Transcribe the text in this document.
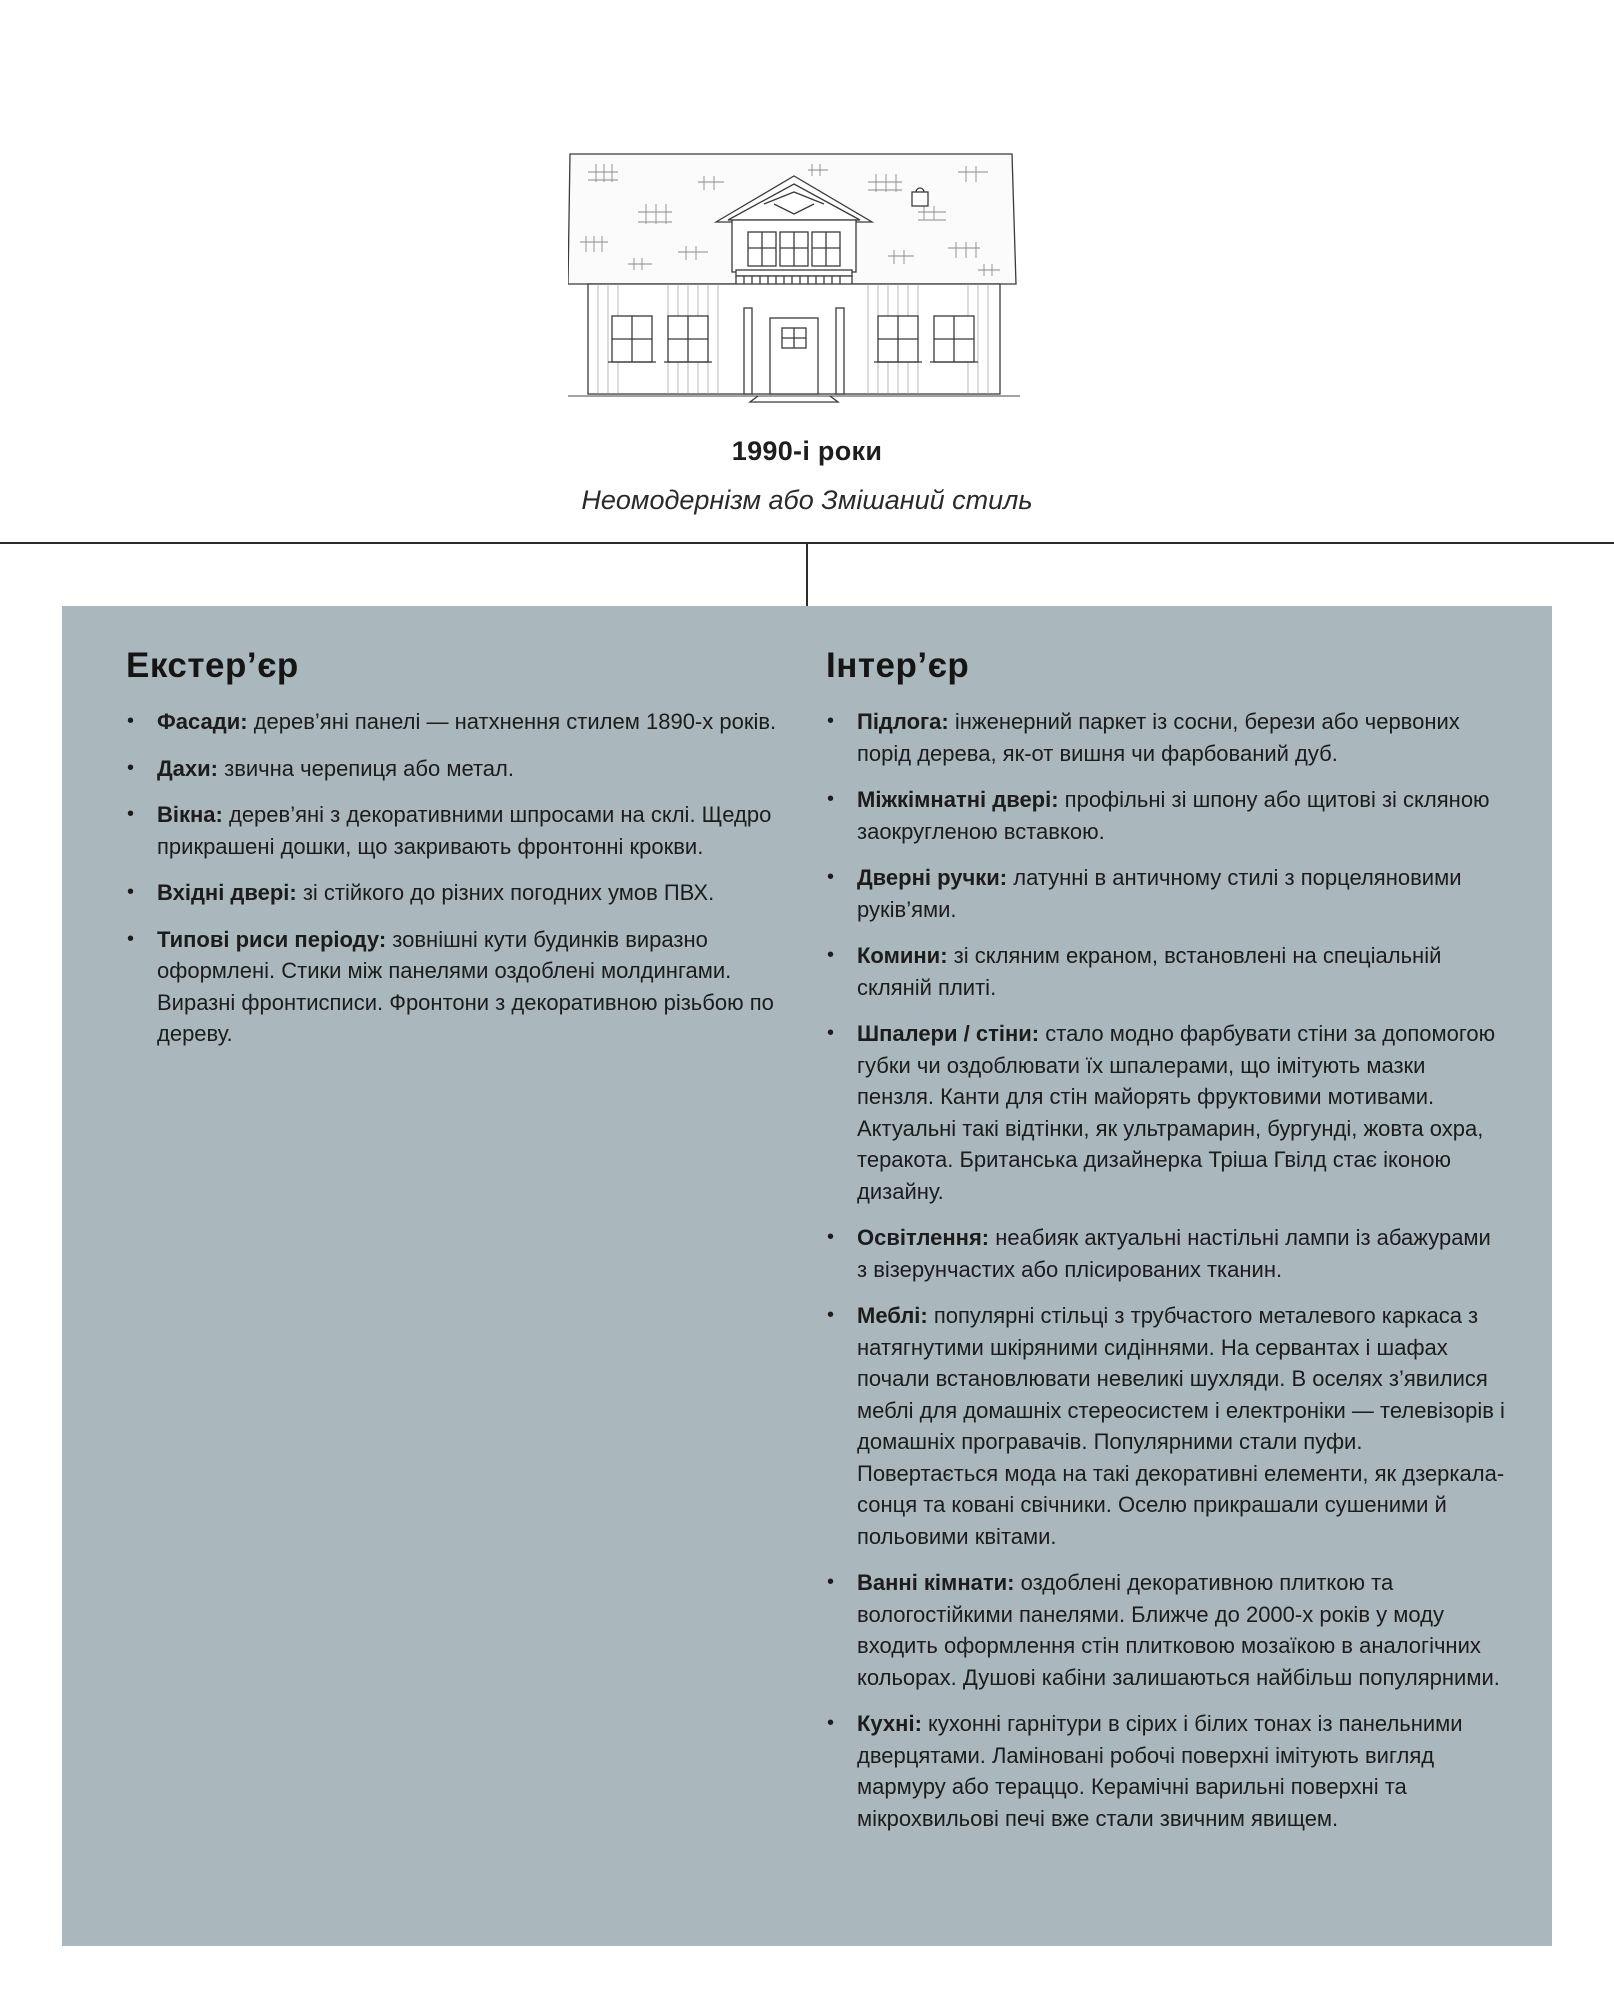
1990-і роки
Неомодернізм або Змішаний стиль
Екстер’єр
• Фасади: дерев’яні панелі — натхнення стилем 1890-х років.
• Дахи: звична черепиця або метал.
• Вікна: дерев’яні з декоративними шпросами на склі. Щедро прикрашені дошки, що закривають фронтонні крокви.
• Вхідні двері: зі стійкого до різних погодних умов ПВХ.
• Типові риси періоду: зовнішні кути будинків виразно оформлені. Стики між панелями оздоблені молдингами. Виразні фронтисписи. Фронтони з декоративною різьбою по дереву.
Інтер’єр
• Підлога: інженерний паркет із сосни, берези або червоних порід дерева, як-от вишня чи фарбований дуб.
• Міжкімнатні двері: профільні зі шпону або щитові зі скляною заокругленою вставкою.
• Дверні ручки: латунні в античному стилі з порцеляновими руків’ями.
• Комини: зі скляним екраном, встановлені на спеціальній скляній плиті.
• Шпалери / стіни: стало модно фарбувати стіни за допомогою губки чи оздоблювати їх шпалерами, що імітують мазки пензля. Канти для стін майорять фруктовими мотивами. Актуальні такі відтінки, як ультрамарин, бургунді, жовта охра, теракота. Британська дизайнерка Тріша Гвілд стає іконою дизайну.
• Освітлення: неабияк актуальні настільні лампи із абажурами з візерунчастих або плісированих тканин.
• Меблі: популярні стільці з трубчастого металевого каркаса з натягнутими шкіряними сидіннями. На сервантах і шафах почали встановлювати невеликі шухляди. В оселях з’явилися меблі для домашніх стереосистем і електроніки — телевізорів і домашніх програвачів. Популярними стали пуфи. Повертається мода на такі декоративні елементи, як дзеркала-сонця та ковані свічники. Оселю прикрашали сушеними й польовими квітами.
• Ванні кімнати: оздоблені декоративною плиткою та вологостійкими панелями. Ближче до 2000-х років у моду входить оформлення стін плитковою мозаїкою в аналогічних кольорах. Душові кабіни залишаються найбільш популярними.
• Кухні: кухонні гарнітури в сірих і білих тонах із панельними дверцятами. Ламіновані робочі поверхні імітують вигляд мармуру або тераццо. Керамічні варильні поверхні та мікрохвильові печі вже стали звичним явищем.
